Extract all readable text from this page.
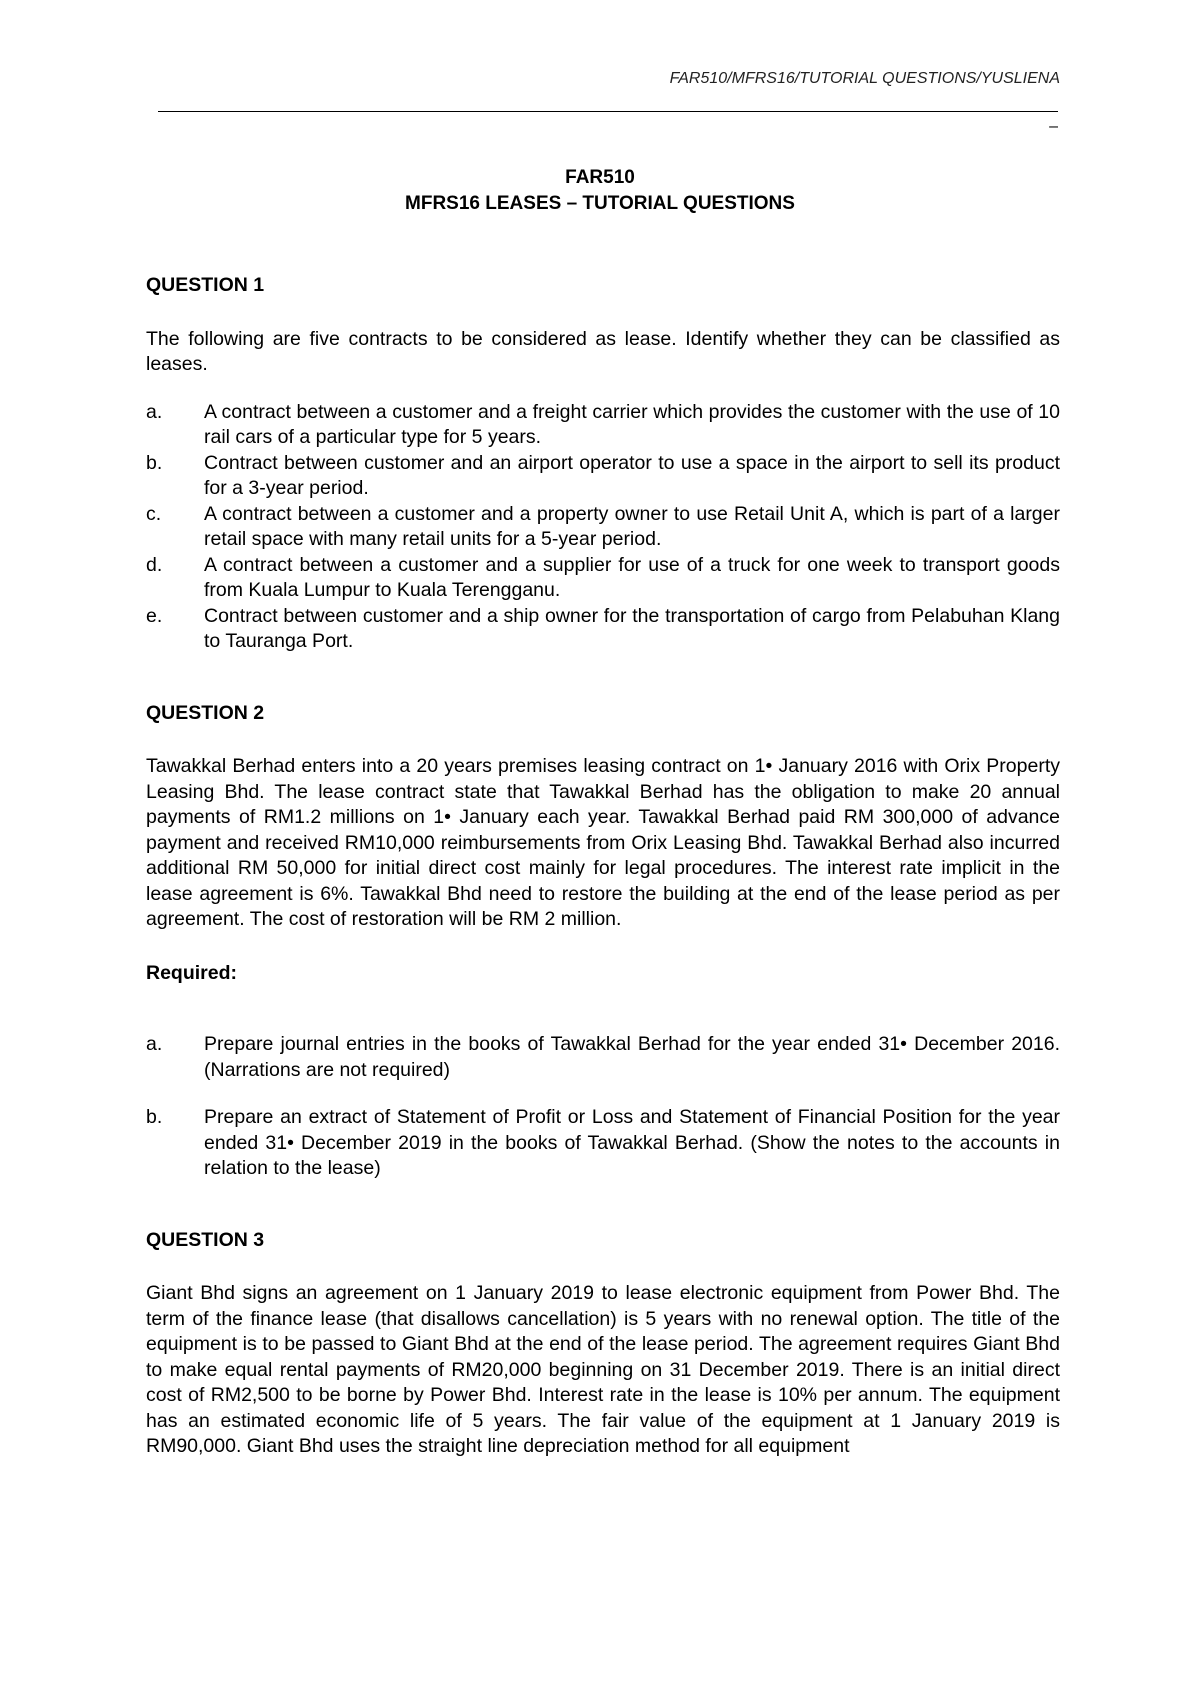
FAR510/MFRS16/TUTORIAL QUESTIONS/YUSLIENA
–
FAR510
MFRS16 LEASES – TUTORIAL QUESTIONS

QUESTION 1

The following are five contracts to be considered as lease. Identify whether they can be classified as leases.

a.	A contract between a customer and a freight carrier which provides the customer with the use of 10 rail cars of a particular type for 5 years.
b.	Contract between customer and an airport operator to use a space in the airport to sell its product for a 3-year period.
c.	A contract between a customer and a property owner to use Retail Unit A, which is part of a larger retail space with many retail units for a 5-year period.
d.	A contract between a customer and a supplier for use of a truck for one week to transport goods from Kuala Lumpur to Kuala Terengganu.
e.	Contract between customer and a ship owner for the transportation of cargo from Pelabuhan Klang to Tauranga Port.

QUESTION 2

Tawakkal Berhad enters into a 20 years premises leasing contract on 1• January 2016 with Orix Property Leasing Bhd. The lease contract state that Tawakkal Berhad has the obligation to make 20 annual payments of RM1.2 millions on 1• January each year. Tawakkal Berhad paid RM 300,000 of advance payment and received RM10,000 reimbursements from Orix Leasing Bhd. Tawakkal Berhad also incurred additional RM 50,000 for initial direct cost mainly for legal procedures. The interest rate implicit in the lease agreement is 6%. Tawakkal Bhd need to restore the building at the end of the lease period as per agreement. The cost of restoration will be RM 2 million.

Required:

a.	Prepare journal entries in the books of Tawakkal Berhad for the year ended 31• December 2016. (Narrations are not required)
b.	Prepare an extract of Statement of Profit or Loss and Statement of Financial Position for the year ended 31• December 2019 in the books of Tawakkal Berhad. (Show the notes to the accounts in relation to the lease)

QUESTION 3

Giant Bhd signs an agreement on 1 January 2019 to lease electronic equipment from Power Bhd. The term of the finance lease (that disallows cancellation) is 5 years with no renewal option. The title of the equipment is to be passed to Giant Bhd at the end of the lease period. The agreement requires Giant Bhd to make equal rental payments of RM20,000 beginning on 31 December 2019. There is an initial direct cost of RM2,500 to be borne by Power Bhd. Interest rate in the lease is 10% per annum. The equipment has an estimated economic life of 5 years. The fair value of the equipment at 1 January 2019 is RM90,000. Giant Bhd uses the straight line depreciation method for all equipment
